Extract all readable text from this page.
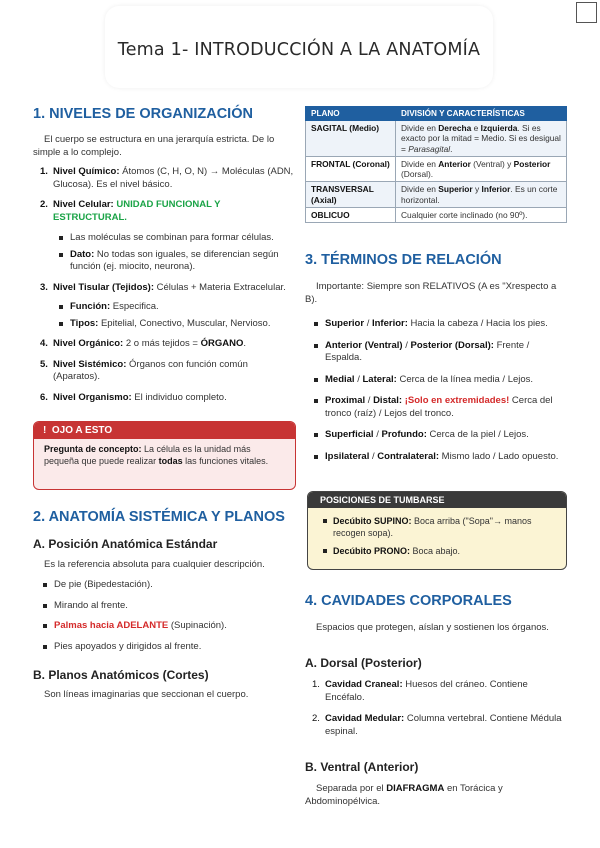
Tema 1- INTRODUCCIÓN A LA ANATOMÍA
1. NIVELES DE ORGANIZACIÓN
El cuerpo se estructura en una jerarquía estricta. De lo simple a lo complejo.
1. Nivel Químico: Átomos (C, H, O, N) → Moléculas (ADN, Glucosa). Es el nivel básico.
2. Nivel Celular: UNIDAD FUNCIONAL Y ESTRUCTURAL.
Las moléculas se combinan para formar células.
Dato: No todas son iguales, se diferencian según función (ej. miocito, neurona).
3. Nivel Tisular (Tejidos): Células + Materia Extracelular.
Función: Especifica.
Tipos: Epitelial, Conectivo, Muscular, Nervioso.
4. Nivel Orgánico: 2 o más tejidos = ÓRGANO.
5. Nivel Sistémico: Órganos con función común (Aparatos).
6. Nivel Organismo: El individuo completo.
! OJO A ESTO
Pregunta de concepto: La célula es la unidad más pequeña que puede realizar todas las funciones vitales.
2. ANATOMÍA SISTÉMICA Y PLANOS
A. Posición Anatómica Estándar
Es la referencia absoluta para cualquier descripción.
De pie (Bipedestación).
Mirando al frente.
Palmas hacia ADELANTE (Supinación).
Pies apoyados y dirigidos al frente.
B. Planos Anatómicos (Cortes)
Son líneas imaginarias que seccionan el cuerpo.
PLANO	DIVISIÓN Y CARACTERÍSTICAS
SAGITAL (Medio)	Divide en Derecha e Izquierda. Si es exacto por la mitad = Medio. Si es desigual = Parasagital.
FRONTAL (Coronal)	Divide en Anterior (Ventral) y Posterior (Dorsal).
TRANSVERSAL (Axial)	Divide en Superior y Inferior. Es un corte horizontal.
OBLICUO	Cualquier corte inclinado (no 90º).
3. TÉRMINOS DE RELACIÓN
Importante: Siempre son RELATIVOS (A es "Xrespecto a B).
Superior / Inferior: Hacia la cabeza / Hacia los pies.
Anterior (Ventral) / Posterior (Dorsal): Frente / Espalda.
Medial / Lateral: Cerca de la línea media / Lejos.
Proximal / Distal: ¡Solo en extremidades! Cerca del tronco (raíz) / Lejos del tronco.
Superficial / Profundo: Cerca de la piel / Lejos.
Ipsilateral / Contralateral: Mismo lado / Lado opuesto.
POSICIONES DE TUMBARSE
Decúbito SUPINO: Boca arriba ("Sopa"→ manos recogen sopa).
Decúbito PRONO: Boca abajo.
4. CAVIDADES CORPORALES
Espacios que protegen, aíslan y sostienen los órganos.
A. Dorsal (Posterior)
1. Cavidad Craneal: Huesos del cráneo. Contiene Encéfalo.
2. Cavidad Medular: Columna vertebral. Contiene Médula espinal.
B. Ventral (Anterior)
Separada por el DIAFRAGMA en Torácica y Abdominopélvica.
